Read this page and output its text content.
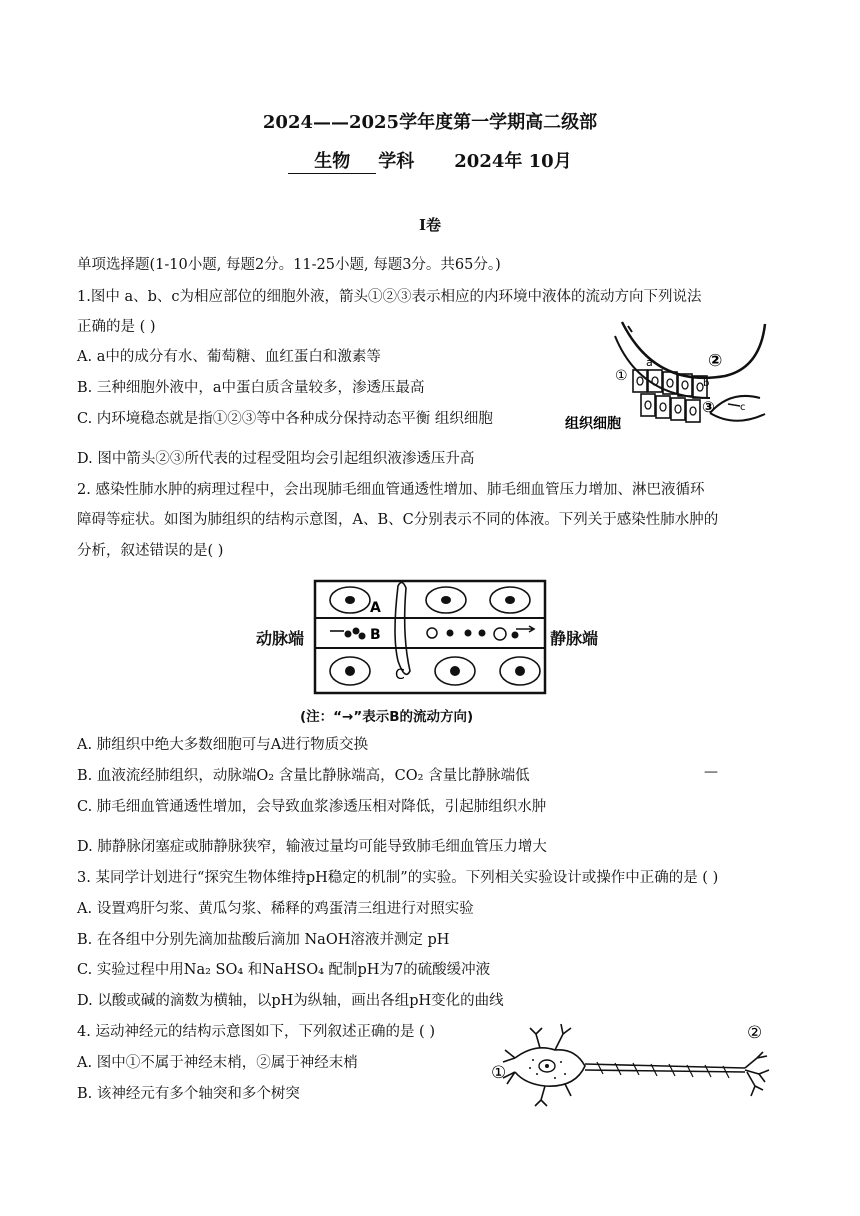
2024——2025学年度第一学期高二级部
生物 学科 2024年 10月
I卷
单项选择题(1-10小题, 每题2分。11-25小题, 每题3分。共65分。)
1.图中 a、b、c为相应部位的细胞外液，箭头①②③表示相应的内环境中液体的流动方向下列说法
正确的是 ( )
A. a中的成分有水、葡萄糖、血红蛋白和激素等
B. 三种细胞外液中，a中蛋白质含量较多，渗透压最高
C. 内环境稳态就是指①②③等中各种成分保持动态平衡 组织细胞
D. 图中箭头②③所代表的过程受阻均会引起组织液渗透压升高
a	②
①	b
c
③
组织细胞
2. 感染性肺水肿的病理过程中，会出现肺毛细血管通透性增加、肺毛细血管压力增加、淋巴液循环
障碍等症状。如图为肺组织的结构示意图，A、B、C分别表示不同的体液。下列关于感染性肺水肿的
分析，叙述错误的是( )
动脉端	静脉端
A
B
C
(注：“→”表示B的流动方向)
A. 肺组织中绝大多数细胞可与A进行物质交换
B. 血液流经肺组织，动脉端O₂ 含量比静脉端高，CO₂ 含量比静脉端低	—
C. 肺毛细血管通透性增加，会导致血浆渗透压相对降低，引起肺组织水肿
D. 肺静脉闭塞症或肺静脉狭窄，输液过量均可能导致肺毛细血管压力增大
3. 某同学计划进行“探究生物体维持pH稳定的机制”的实验。下列相关实验设计或操作中正确的是 ( )
A. 设置鸡肝匀浆、黄瓜匀浆、稀释的鸡蛋清三组进行对照实验
B. 在各组中分别先滴加盐酸后滴加 NaOH溶液并测定 pH
C. 实验过程中用Na₂ SO₄ 和NaHSO₄ 配制pH为7的硫酸缓冲液
D. 以酸或碱的滴数为横轴，以pH为纵轴，画出各组pH变化的曲线
4. 运动神经元的结构示意图如下，下列叙述正确的是 ( )
A. 图中①不属于神经末梢，②属于神经末梢
B. 该神经元有多个轴突和多个树突
①
②
